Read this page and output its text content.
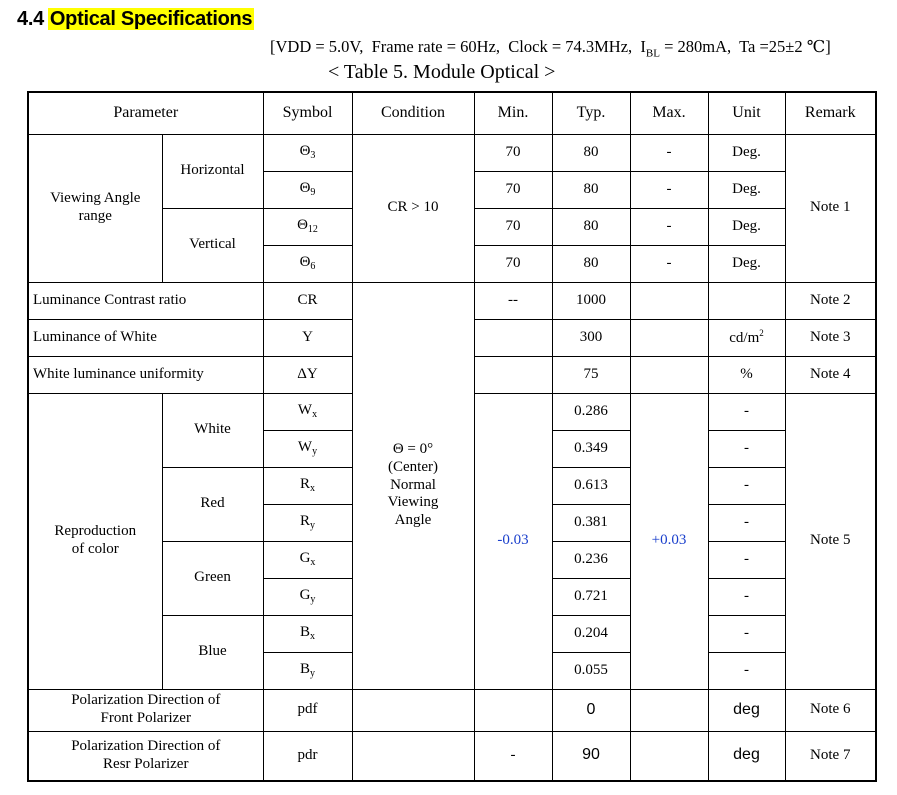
4.4 Optical Specifications
[VDD = 5.0V, Frame rate = 60Hz, Clock = 74.3MHz, $I_{BL} = 280mA$, Ta =25±2 ℃]
< Table 5. Module Optical >
Parameter		Symbol	Condition	Min.	Typ.	Max.	Unit	Remark
Viewing Angle range	Horizontal	$\Theta_3$	CR > 10	70	80	-	Deg.	Note 1
		$\Theta_9$		70	80	-	Deg.	
	Vertical	$\Theta_{12}$		70	80	-	Deg.	
		$\Theta_6$		70	80	-	Deg.	
Luminance Contrast ratio		CR	Θ = 0°
(Center)
Normal
Viewing
Angle	--	1000			Note 2
Luminance of White		Y			300		$cd/m^2$	Note 3
White luminance uniformity		ΔY			75		%	Note 4
Reproduction of color	White	$W_x$		-0.03	0.286	+0.03	-	Note 5
		$W_y$			0.349		-	
	Red	$R_x$			0.613		-	
		$R_y$			0.381		-	
	Green	$G_x$			0.236		-	
		$G_y$			0.721		-	
	Blue	$B_x$			0.204		-	
		$B_y$			0.055		-	

Polarization Direction of
Front Polarizer		pdf			0		deg	Note 6

Polarization Direction of
Resr Polarizer		pdr		-	90		deg	Note 7
